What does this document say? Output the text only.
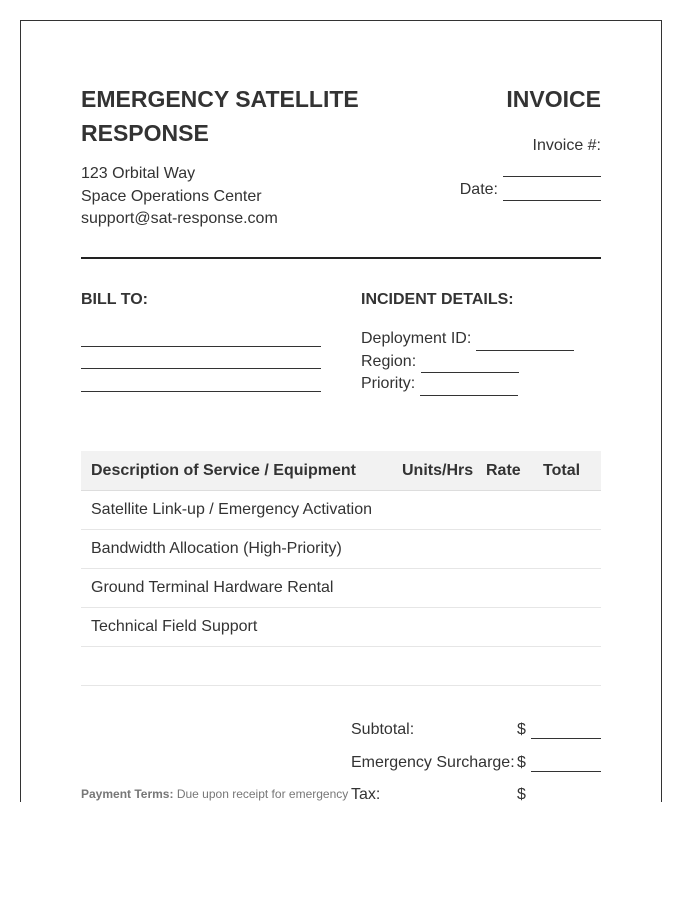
EMERGENCY SATELLITE RESPONSE
123 Orbital Way
Space Operations Center
support@sat-response.com
INVOICE
Invoice #:
Date:
BILL TO:	INCIDENT DETAILS:
Deployment ID:
Region:
Priority:
Description of Service / Equipment	Units/Hrs Rate	Total
Satellite Link-up / Emergency Activation
Bandwidth Allocation (High-Priority)
Ground Terminal Hardware Rental
Technical Field Support
Subtotal:	$
Emergency Surcharge: $
Tax:	$
Payment Terms: Due upon receipt for emergency
